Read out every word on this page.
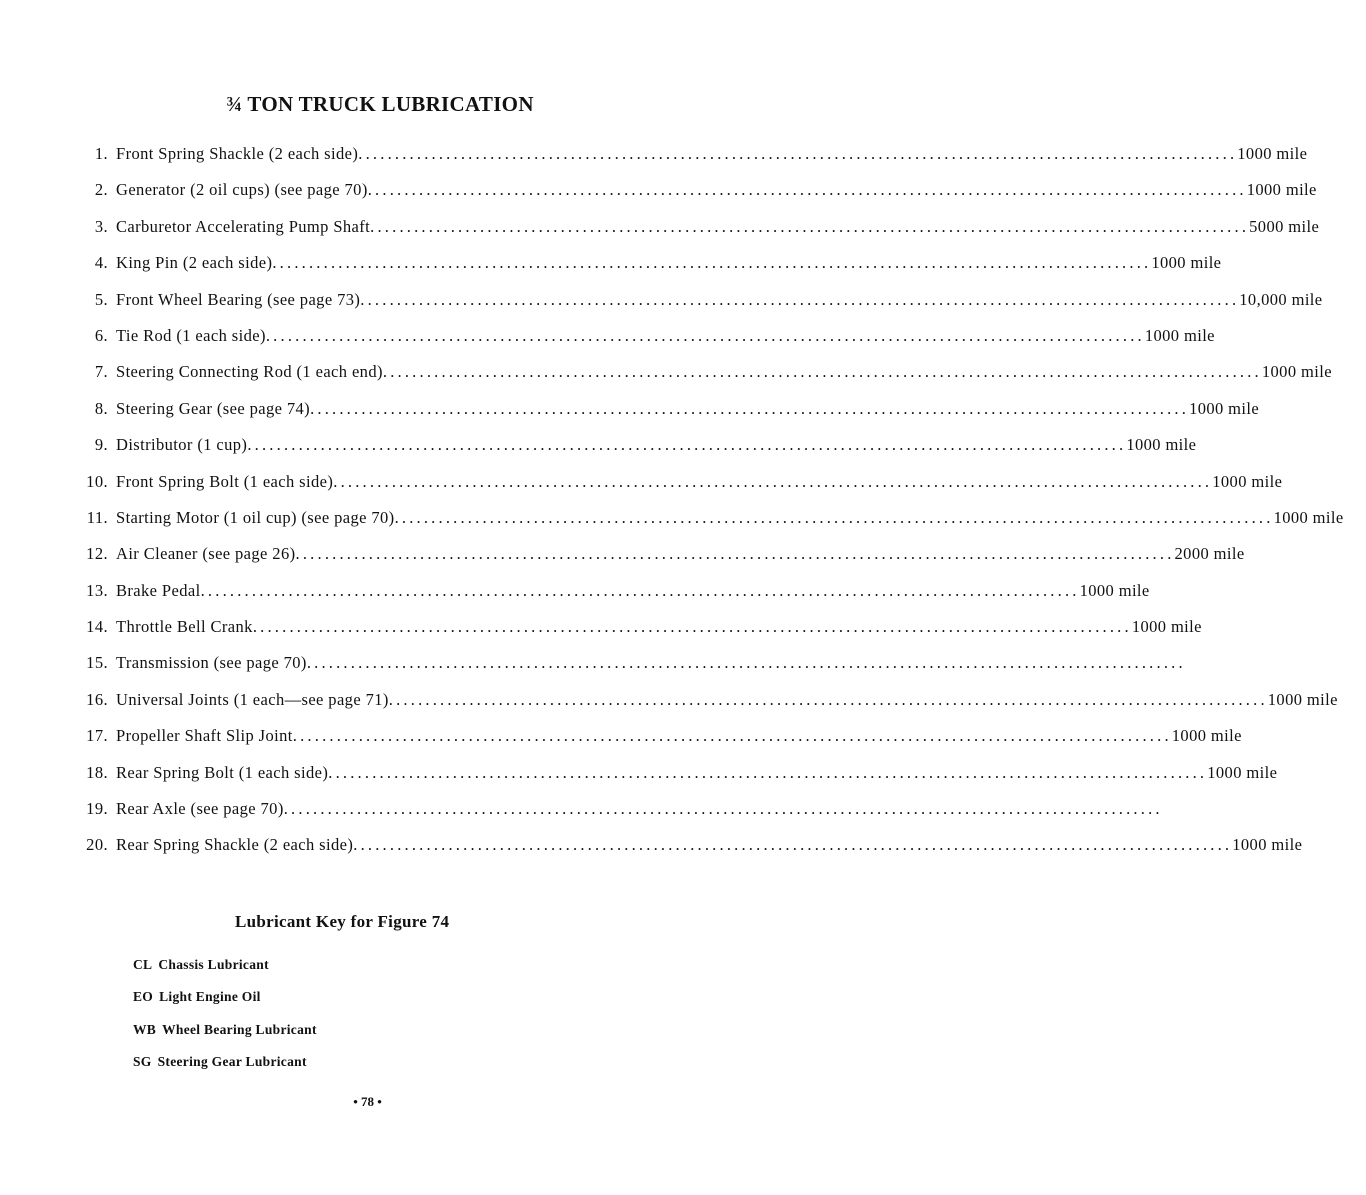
¾ TON TRUCK LUBRICATION
1. Front Spring Shackle (2 each side) ........................................................................................................................ 1000 mile
2. Generator (2 oil cups) (see page 70) ........................................................................................................................ 1000 mile
3. Carburetor Accelerating Pump Shaft ........................................................................................................................ 5000 mile
4. King Pin (2 each side) ........................................................................................................................ 1000 mile
5. Front Wheel Bearing (see page 73) ........................................................................................................................ 10,000 mile
6. Tie Rod (1 each side) ........................................................................................................................ 1000 mile
7. Steering Connecting Rod (1 each end) ........................................................................................................................ 1000 mile
8. Steering Gear (see page 74) ........................................................................................................................ 1000 mile
9. Distributor (1 cup) ........................................................................................................................ 1000 mile
10. Front Spring Bolt (1 each side) ........................................................................................................................ 1000 mile
11. Starting Motor (1 oil cup) (see page 70) ........................................................................................................................ 1000 mile
12. Air Cleaner (see page 26) ........................................................................................................................ 2000 mile
13. Brake Pedal ........................................................................................................................ 1000 mile
14. Throttle Bell Crank ........................................................................................................................ 1000 mile
15. Transmission (see page 70) ........................................................................................................................
16. Universal Joints (1 each—see page 71) ........................................................................................................................ 1000 mile
17. Propeller Shaft Slip Joint ........................................................................................................................ 1000 mile
18. Rear Spring Bolt (1 each side) ........................................................................................................................ 1000 mile
19. Rear Axle (see page 70) ........................................................................................................................
20. Rear Spring Shackle (2 each side) ........................................................................................................................ 1000 mile
Lubricant Key for Figure 74
CL Chassis Lubricant
EO Light Engine Oil
WB Wheel Bearing Lubricant
SG Steering Gear Lubricant
• 78 •
